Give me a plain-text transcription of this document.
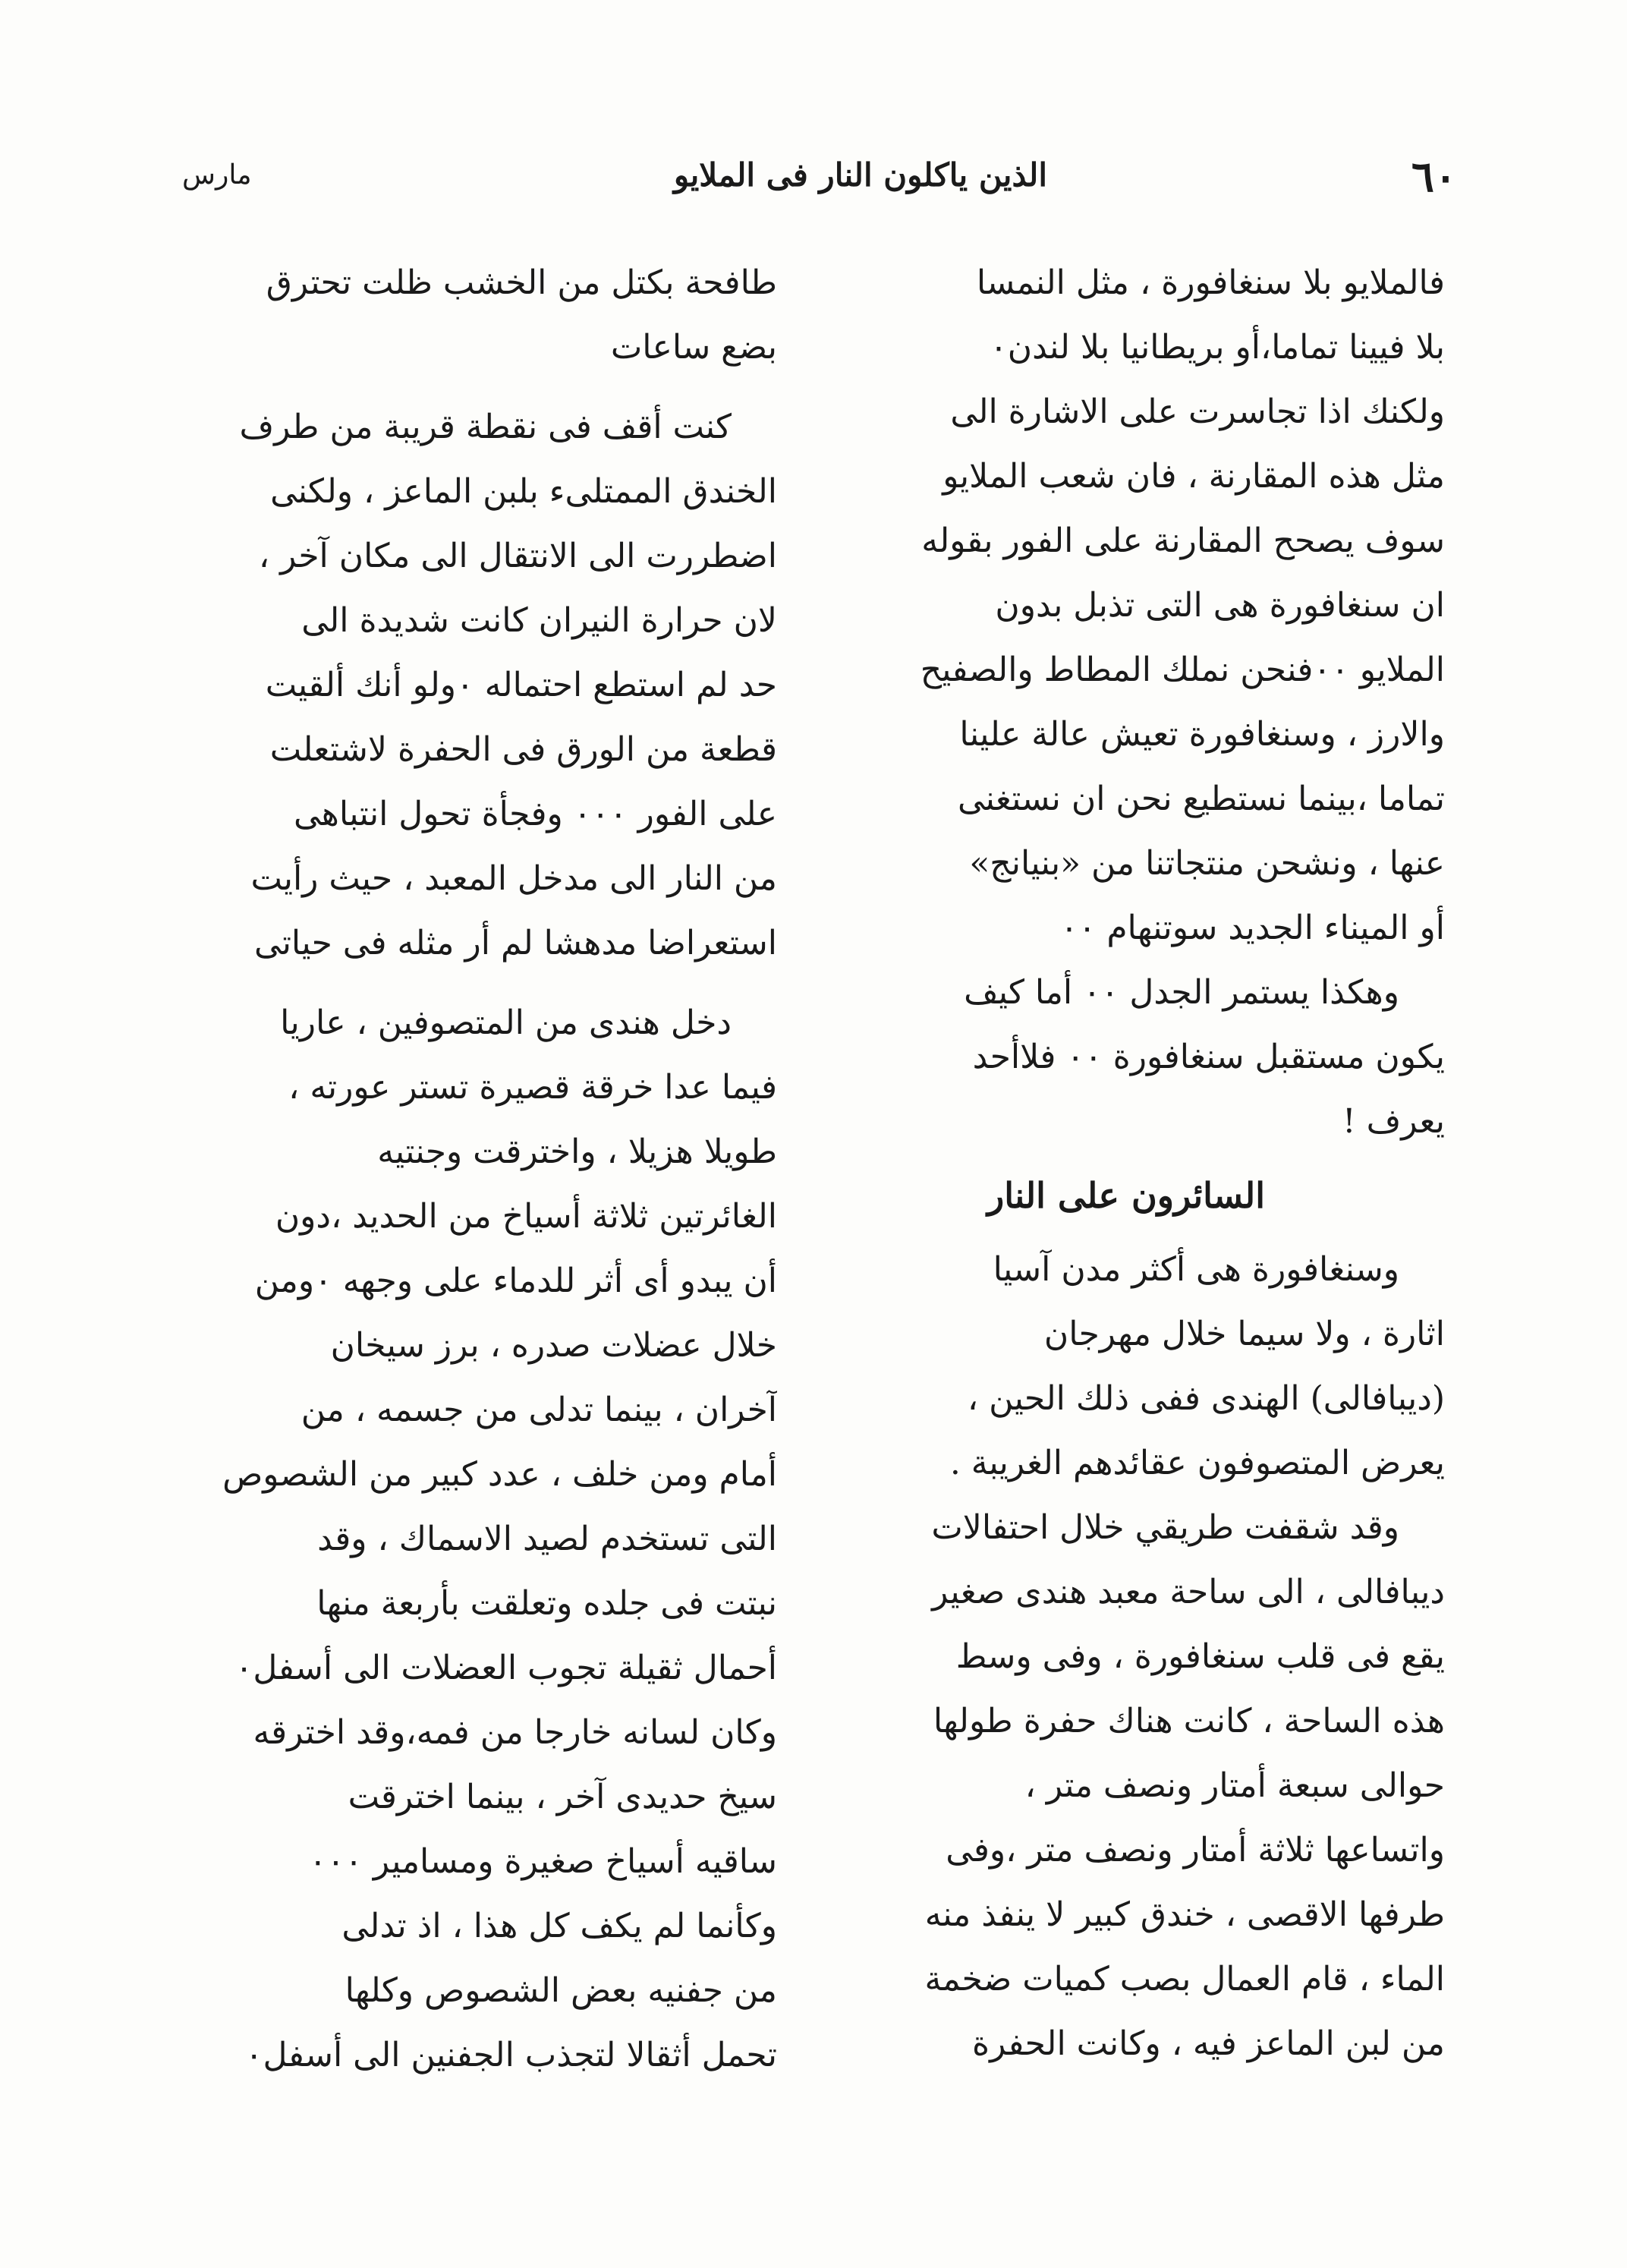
٦٠
الذين ياكلون النار فى الملايو
مارس
فالملايو بلا سنغافورة ، مثل النمسا
بلا فيينا تماما،أو بريطانيا بلا لندن٠
ولكنك اذا تجاسرت على الاشارة الى
مثل هذه المقارنة ، فان شعب الملايو
سوف يصحح المقارنة على الفور بقوله
ان سنغافورة هى التى تذبل بدون
الملايو ٠٠فنحن نملك المطاط والصفيح
والارز ، وسنغافورة تعيش عالة علينا
تماما ،بينما نستطيع نحن ان نستغنى
عنها ، ونشحن منتجاتنا من «بنيانج»
أو الميناء الجديد سوتنهام ٠٠
وهكذا يستمر الجدل ٠٠ أما كيف
يكون مستقبل سنغافورة ٠٠ فلاأحد
يعرف !
السائرون على النار
وسنغافورة هى أكثر مدن آسيا
اثارة ، ولا سيما خلال مهرجان
(ديبافالى) الهندى ففى ذلك الحين ،
يعرض المتصوفون عقائدهم الغريبة .
وقد شقفت طريقي خلال احتفالات
ديبافالى ، الى ساحة معبد هندى صغير
يقع فى قلب سنغافورة ، وفى وسط
هذه الساحة ، كانت هناك حفرة طولها
حوالى سبعة أمتار ونصف متر ،
واتساعها ثلاثة أمتار ونصف متر ،وفى
طرفها الاقصى ، خندق كبير لا ينفذ منه
الماء ، قام العمال بصب كميات ضخمة
من لبن الماعز فيه ، وكانت الحفرة
طافحة بكتل من الخشب ظلت تحترق
بضع ساعات
كنت أقف فى نقطة قريبة من طرف
الخندق الممتلىء بلبن الماعز ، ولكنى
اضطررت الى الانتقال الى مكان آخر ،
لان حرارة النيران كانت شديدة الى
حد لم استطع احتماله ٠ولو أنك ألقيت
قطعة من الورق فى الحفرة لاشتعلت
على الفور ٠٠٠ وفجأة تحول انتباهى
من النار الى مدخل المعبد ، حيث رأيت
استعراضا مدهشا لم أر مثله فى حياتى
دخل هندى من المتصوفين ، عاريا
فيما عدا خرقة قصيرة تستر عورته ،
طويلا هزيلا ، واخترقت وجنتيه
الغائرتين ثلاثة أسياخ من الحديد ،دون
أن يبدو أى أثر للدماء على وجهه ٠ومن
خلال عضلات صدره ، برز سيخان
آخران ، بينما تدلى من جسمه ، من
أمام ومن خلف ، عدد كبير من الشصوص
التى تستخدم لصيد الاسماك ، وقد
نبتت فى جلده وتعلقت بأربعة منها
أحمال ثقيلة تجوب العضلات الى أسفل٠
وكان لسانه خارجا من فمه،وقد اخترقه
سيخ حديدى آخر ، بينما اخترقت
ساقيه أسياخ صغيرة ومسامير ٠٠٠
وكأنما لم يكف كل هذا ، اذ تدلى
من جفنيه بعض الشصوص وكلها
تحمل أثقالا لتجذب الجفنين الى أسفل٠
